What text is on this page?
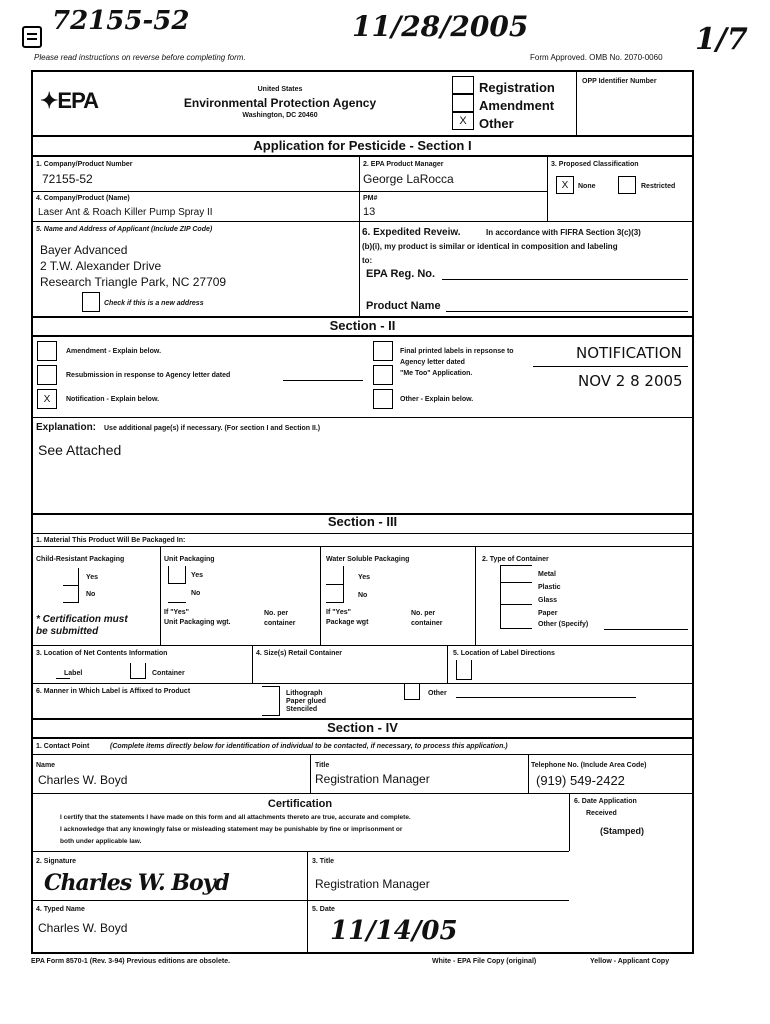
72155-52	11/28/2005	1/7
Please read instructions on reverse before completing form.	Form Approved. OMB No. 2070-0060
✦EPA	United States
Environmental Protection Agency
Washington, DC 20460	X
Registration
Amendment
Other
OPP Identifier Number
Application for Pesticide - Section I
1. Company/Product Number
72155-52
2. EPA Product Manager
George LaRocca
3. Proposed Classification
X	None	Restricted
4. Company/Product (Name)
Laser Ant & Roach Killer Pump Spray II
PM#
13
5. Name and Address of Applicant (Include ZIP Code)
Bayer Advanced
2 T.W. Alexander Drive
Research Triangle Park, NC 27709
Check if this is a new address
6. Expedited Reveiw.	In accordance with FIFRA Section 3(c)(3)
(b)(i), my product is similar or identical in composition and labeling
to:
EPA Reg. No.
Product Name
Section - II
Amendment - Explain below.
Resubmission in response to Agency letter dated
X	Notification - Explain below.
Final printed labels in repsonse to
Agency letter dated
"Me Too" Application.
Other - Explain below.
NOTIFICATION
NOV 2 8 2005
Explanation: Use additional page(s) if necessary. (For section I and Section II.)
See Attached
Section - III
1. Material This Product Will Be Packaged In:
Child-Resistant Packaging	Unit Packaging	Water Soluble Packaging	2. Type of Container
Yes
No
Yes
No
Yes
No
Metal
Plastic
Glass
Paper
Other (Specify)
* Certification must
be submitted
If "Yes"
Unit Packaging wgt.
No. per
container
If "Yes"
Package wgt
No. per
container
3. Location of Net Contents Information
Label	Container
4. Size(s) Retail Container	5. Location of Label Directions
6. Manner in Which Label is Affixed to Product	Lithograph
Paper glued
Stenciled
Other
Section - IV
1. Contact Point	(Complete items directly below for identification of individual to be contacted, if necessary, to process this application.)
Name
Charles W. Boyd
Title
Registration Manager
Telephone No. (Include Area Code)
(919) 549-2422
Certification
I certify that the statements I have made on this form and all attachments thereto are true, accurate and complete.
I acknowledge that any knowingly false or misleading statement may be punishable by fine or imprisonment or
both under applicable law.
6. Date Application
Received
(Stamped)
2. Signature
Charles W. Boyd
3. Title
Registration Manager
4. Typed Name
Charles W. Boyd
5. Date
11/14/05
EPA Form 8570-1 (Rev. 3-94) Previous editions are obsolete.	White - EPA File Copy (original)	Yellow - Applicant Copy
